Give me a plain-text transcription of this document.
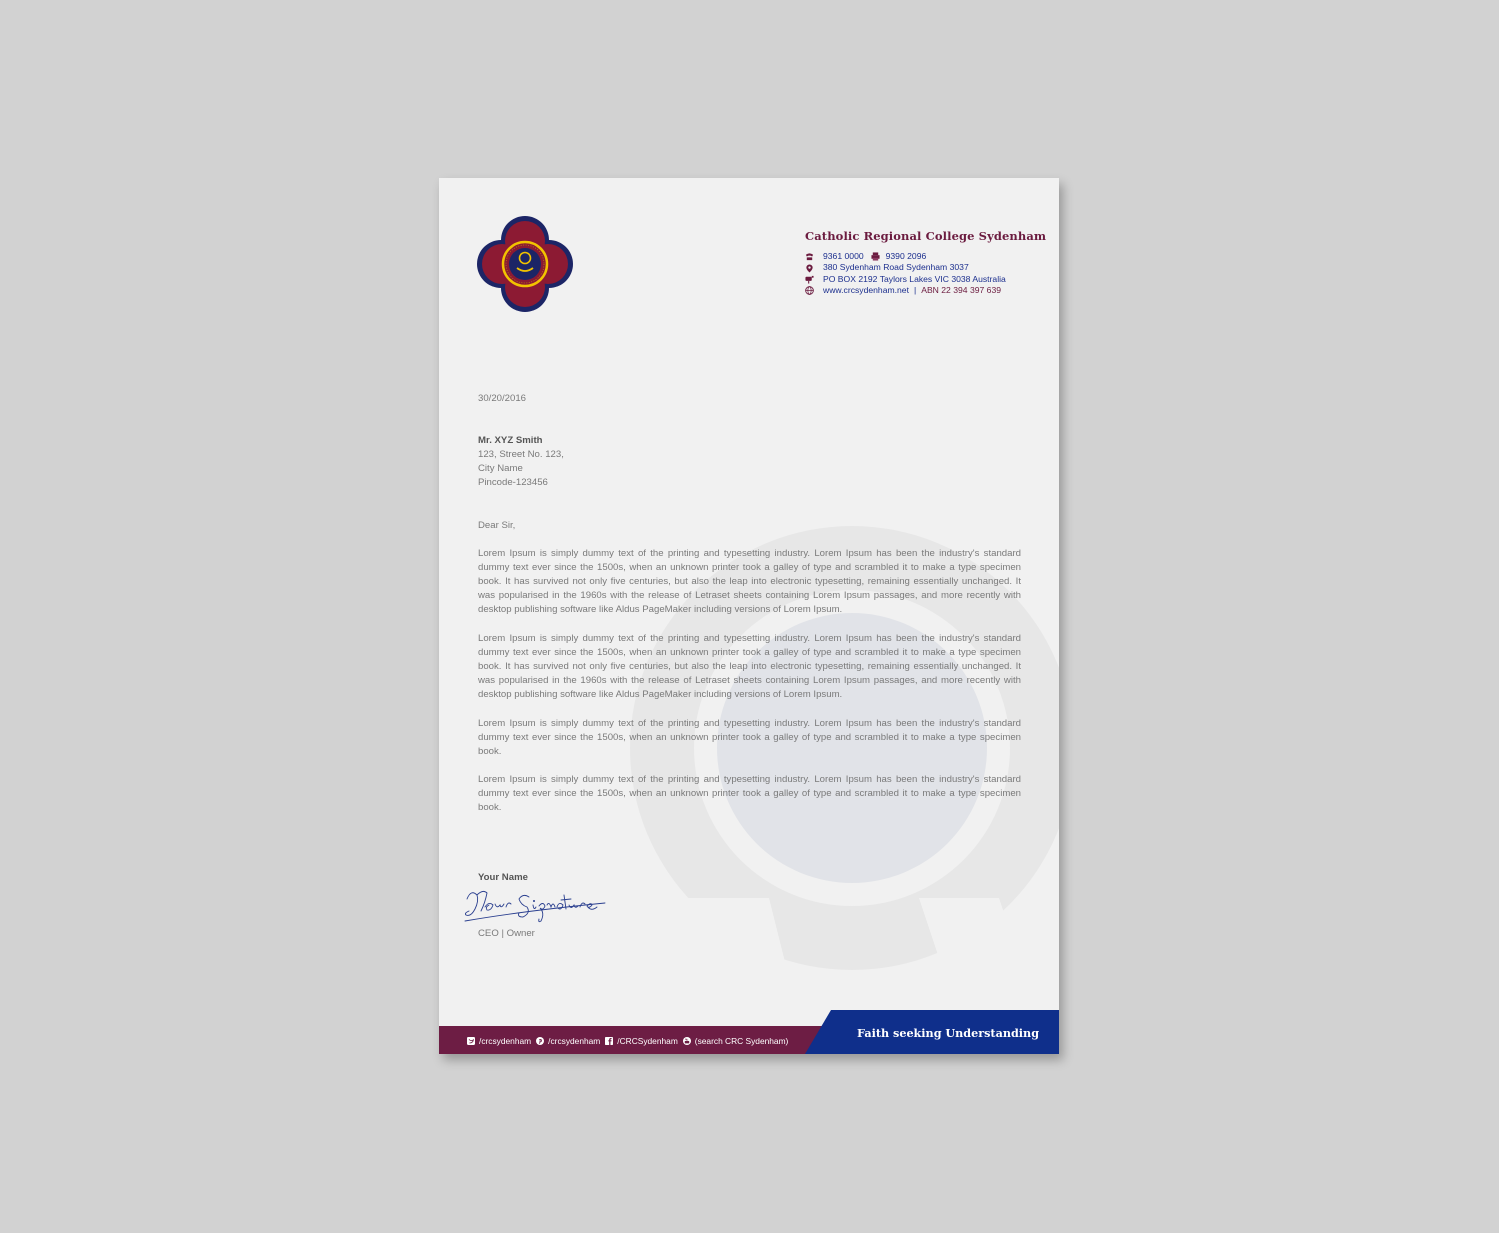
Catholic Regional College Sydenham
9361 0000	9390 2096
380 Sydenham Road Sydenham 3037
PO BOX 2192 Taylors Lakes VIC 3038 Australia
www.crcsydenham.net | ABN 22 394 397 639
30/20/2016
Mr. XYZ Smith
123, Street No. 123,
City Name
Pincode-123456
Dear Sir,
Lorem Ipsum is simply dummy text of the printing and typesetting industry. Lorem Ipsum has been the industry's standard dummy text ever since the 1500s, when an unknown printer took a galley of type and scrambled it to make a type specimen book. It has survived not only five centuries, but also the leap into electronic typesetting, remaining essentially unchanged. It was popularised in the 1960s with the release of Letraset sheets containing Lorem Ipsum passages, and more recently with desktop publishing software like Aldus PageMaker including versions of Lorem Ipsum.
Lorem Ipsum is simply dummy text of the printing and typesetting industry. Lorem Ipsum has been the industry's standard dummy text ever since the 1500s, when an unknown printer took a galley of type and scrambled it to make a type specimen book. It has survived not only five centuries, but also the leap into electronic typesetting, remaining essentially unchanged. It was popularised in the 1960s with the release of Letraset sheets containing Lorem Ipsum passages, and more recently with desktop publishing software like Aldus PageMaker including versions of Lorem Ipsum.
Lorem Ipsum is simply dummy text of the printing and typesetting industry. Lorem Ipsum has been the industry's standard dummy text ever since the 1500s, when an unknown printer took a galley of type and scrambled it to make a type specimen book.
Lorem Ipsum is simply dummy text of the printing and typesetting industry. Lorem Ipsum has been the industry's standard dummy text ever since the 1500s, when an unknown printer took a galley of type and scrambled it to make a type specimen book.
Your Name
CEO | Owner
Faith seeking Understanding
/crcsydenham /crcsydenham /CRCSydenham (search CRC Sydenham)
